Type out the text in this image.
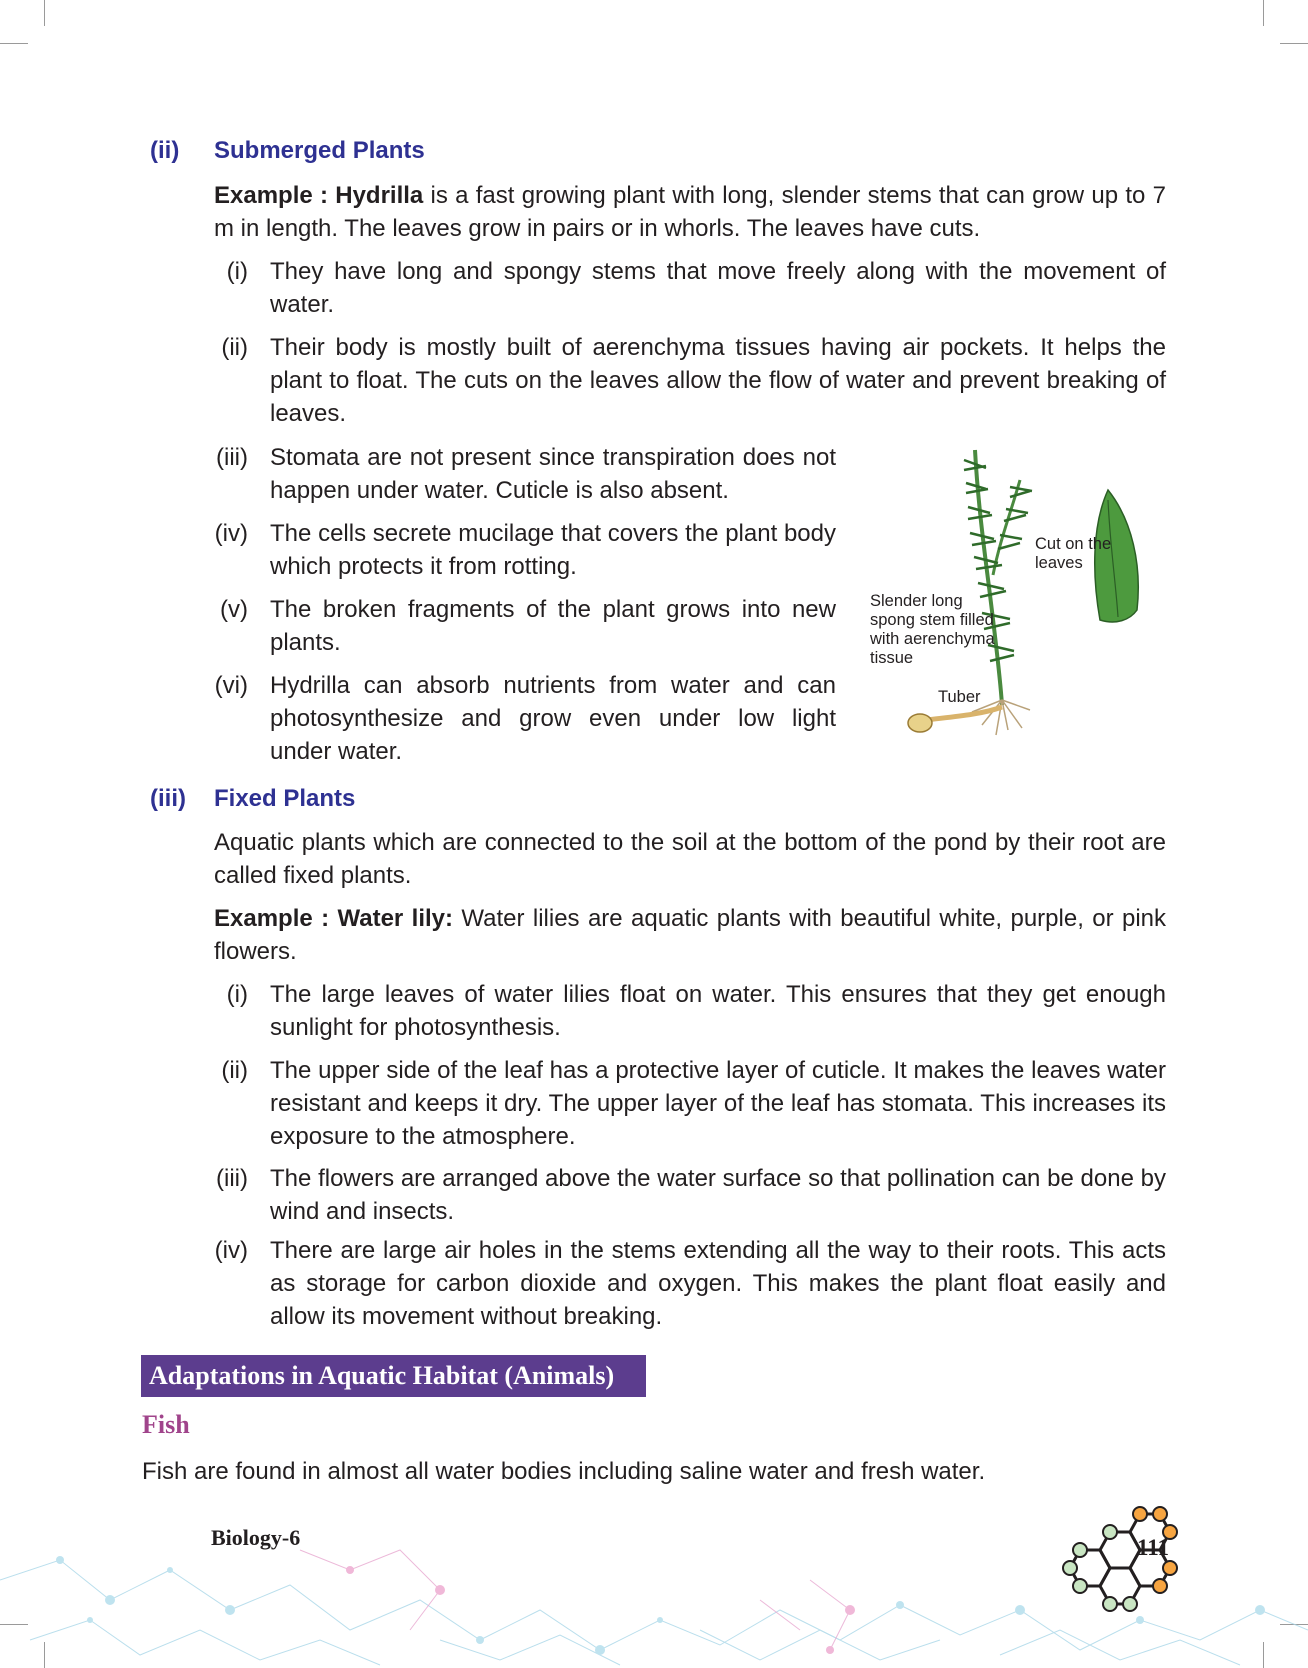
(ii) Submerged Plants
Example : Hydrilla is a fast growing plant with long, slender stems that can grow up to 7 m in length. The leaves grow in pairs or in whorls. The leaves have cuts.
(i) They have long and spongy stems that move freely along with the movement of water.
(ii) Their body is mostly built of aerenchyma tissues having air pockets. It helps the plant to float. The cuts on the leaves allow the flow of water and prevent breaking of leaves.
(iii) Stomata are not present since transpiration does not happen under water. Cuticle is also absent.
(iv) The cells secrete mucilage that covers the plant body which protects it from rotting.
(v) The broken fragments of the plant grows into new plants.
(vi) Hydrilla can absorb nutrients from water and can photosynthesize and grow even under low light under water.
Cut on the
leaves
Slender long
spong stem filled
with aerenchyma
tissue
Tuber
(iii) Fixed Plants
Aquatic plants which are connected to the soil at the bottom of the pond by their root are called fixed plants.
Example : Water lily: Water lilies are aquatic plants with beautiful white, purple, or pink flowers.
(i) The large leaves of water lilies float on water. This ensures that they get enough sunlight for photosynthesis.
(ii) The upper side of the leaf has a protective layer of cuticle. It makes the leaves water resistant and keeps it dry. The upper layer of the leaf has stomata. This increases its exposure to the atmosphere.
(iii) The flowers are arranged above the water surface so that pollination can be done by wind and insects.
(iv) There are large air holes in the stems extending all the way to their roots. This acts as storage for carbon dioxide and oxygen. This makes the plant float easily and allow its movement without breaking.
Adaptations in Aquatic Habitat (Animals)
Fish
Fish are found in almost all water bodies including saline water and fresh water.
Biology-6	111
